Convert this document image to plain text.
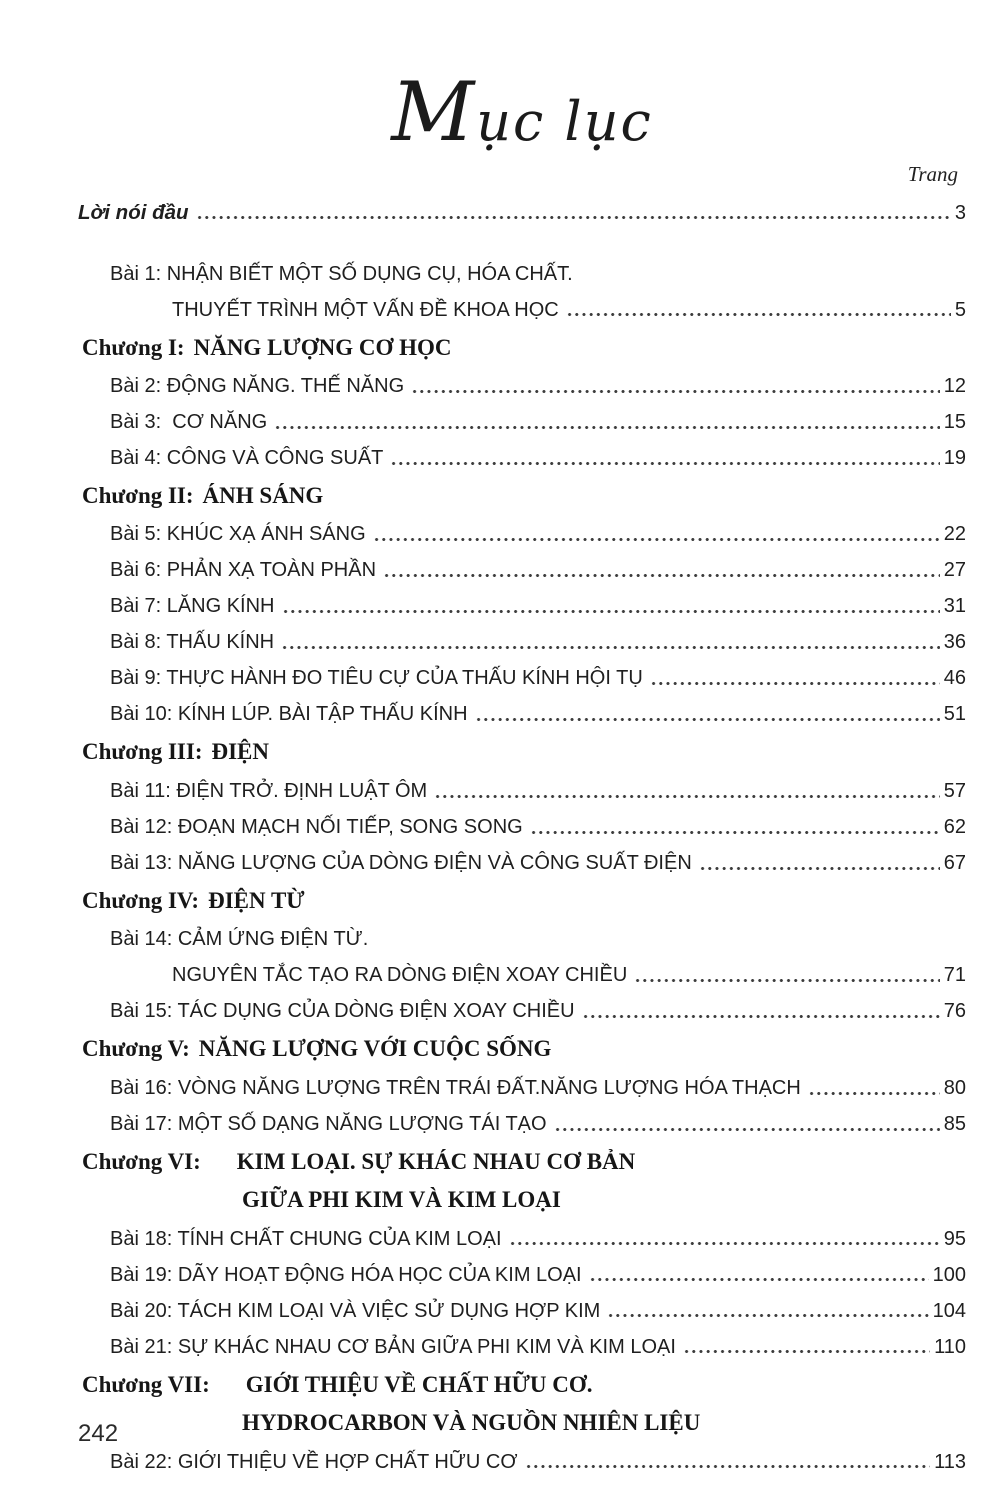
Mục lục
Trang
Lời nói đầu	3
Bài 1: NHẬN BIẾT MỘT SỐ DỤNG CỤ, HÓA CHẤT.
THUYẾT TRÌNH MỘT VẤN ĐỀ KHOA HỌC	5
Chương I: NĂNG LƯỢNG CƠ HỌC
Bài 2: ĐỘNG NĂNG. THẾ NĂNG	12
Bài 3:  CƠ NĂNG	15
Bài 4: CÔNG VÀ CÔNG SUẤT	19
Chương II: ÁNH SÁNG
Bài 5: KHÚC XẠ ÁNH SÁNG	22
Bài 6: PHẢN XẠ TOÀN PHẦN	27
Bài 7: LĂNG KÍNH	31
Bài 8: THẤU KÍNH	36
Bài 9: THỰC HÀNH ĐO TIÊU CỰ CỦA THẤU KÍNH HỘI TỤ	46
Bài 10: KÍNH LÚP. BÀI TẬP THẤU KÍNH	51
Chương III: ĐIỆN
Bài 11: ĐIỆN TRỞ. ĐỊNH LUẬT ÔM	57
Bài 12: ĐOẠN MẠCH NỐI TIẾP, SONG SONG	62
Bài 13: NĂNG LƯỢNG CỦA DÒNG ĐIỆN VÀ CÔNG SUẤT ĐIỆN	67
Chương IV: ĐIỆN TỪ
Bài 14: CẢM ỨNG ĐIỆN TỪ.
NGUYÊN TẮC TẠO RA DÒNG ĐIỆN XOAY CHIỀU	71
Bài 15: TÁC DỤNG CỦA DÒNG ĐIỆN XOAY CHIỀU	76
Chương V: NĂNG LƯỢNG VỚI CUỘC SỐNG
Bài 16: VÒNG NĂNG LƯỢNG TRÊN TRÁI ĐẤT.NĂNG LƯỢNG HÓA THẠCH	80
Bài 17: MỘT SỐ DẠNG NĂNG LƯỢNG TÁI TẠO	85
Chương VI: KIM LOẠI. SỰ KHÁC NHAU CƠ BẢN
GIỮA PHI KIM VÀ KIM LOẠI
Bài 18: TÍNH CHẤT CHUNG CỦA KIM LOẠI	95
Bài 19: DÃY HOẠT ĐỘNG HÓA HỌC CỦA KIM LOẠI	100
Bài 20: TÁCH KIM LOẠI VÀ VIỆC SỬ DỤNG HỢP KIM	104
Bài 21: SỰ KHÁC NHAU CƠ BẢN GIỮA PHI KIM VÀ KIM LOẠI	110
Chương VII: GIỚI THIỆU VỀ CHẤT HỮU CƠ.
HYDROCARBON VÀ NGUỒN NHIÊN LIỆU
Bài 22: GIỚI THIỆU VỀ HỢP CHẤT HỮU CƠ	113
242
